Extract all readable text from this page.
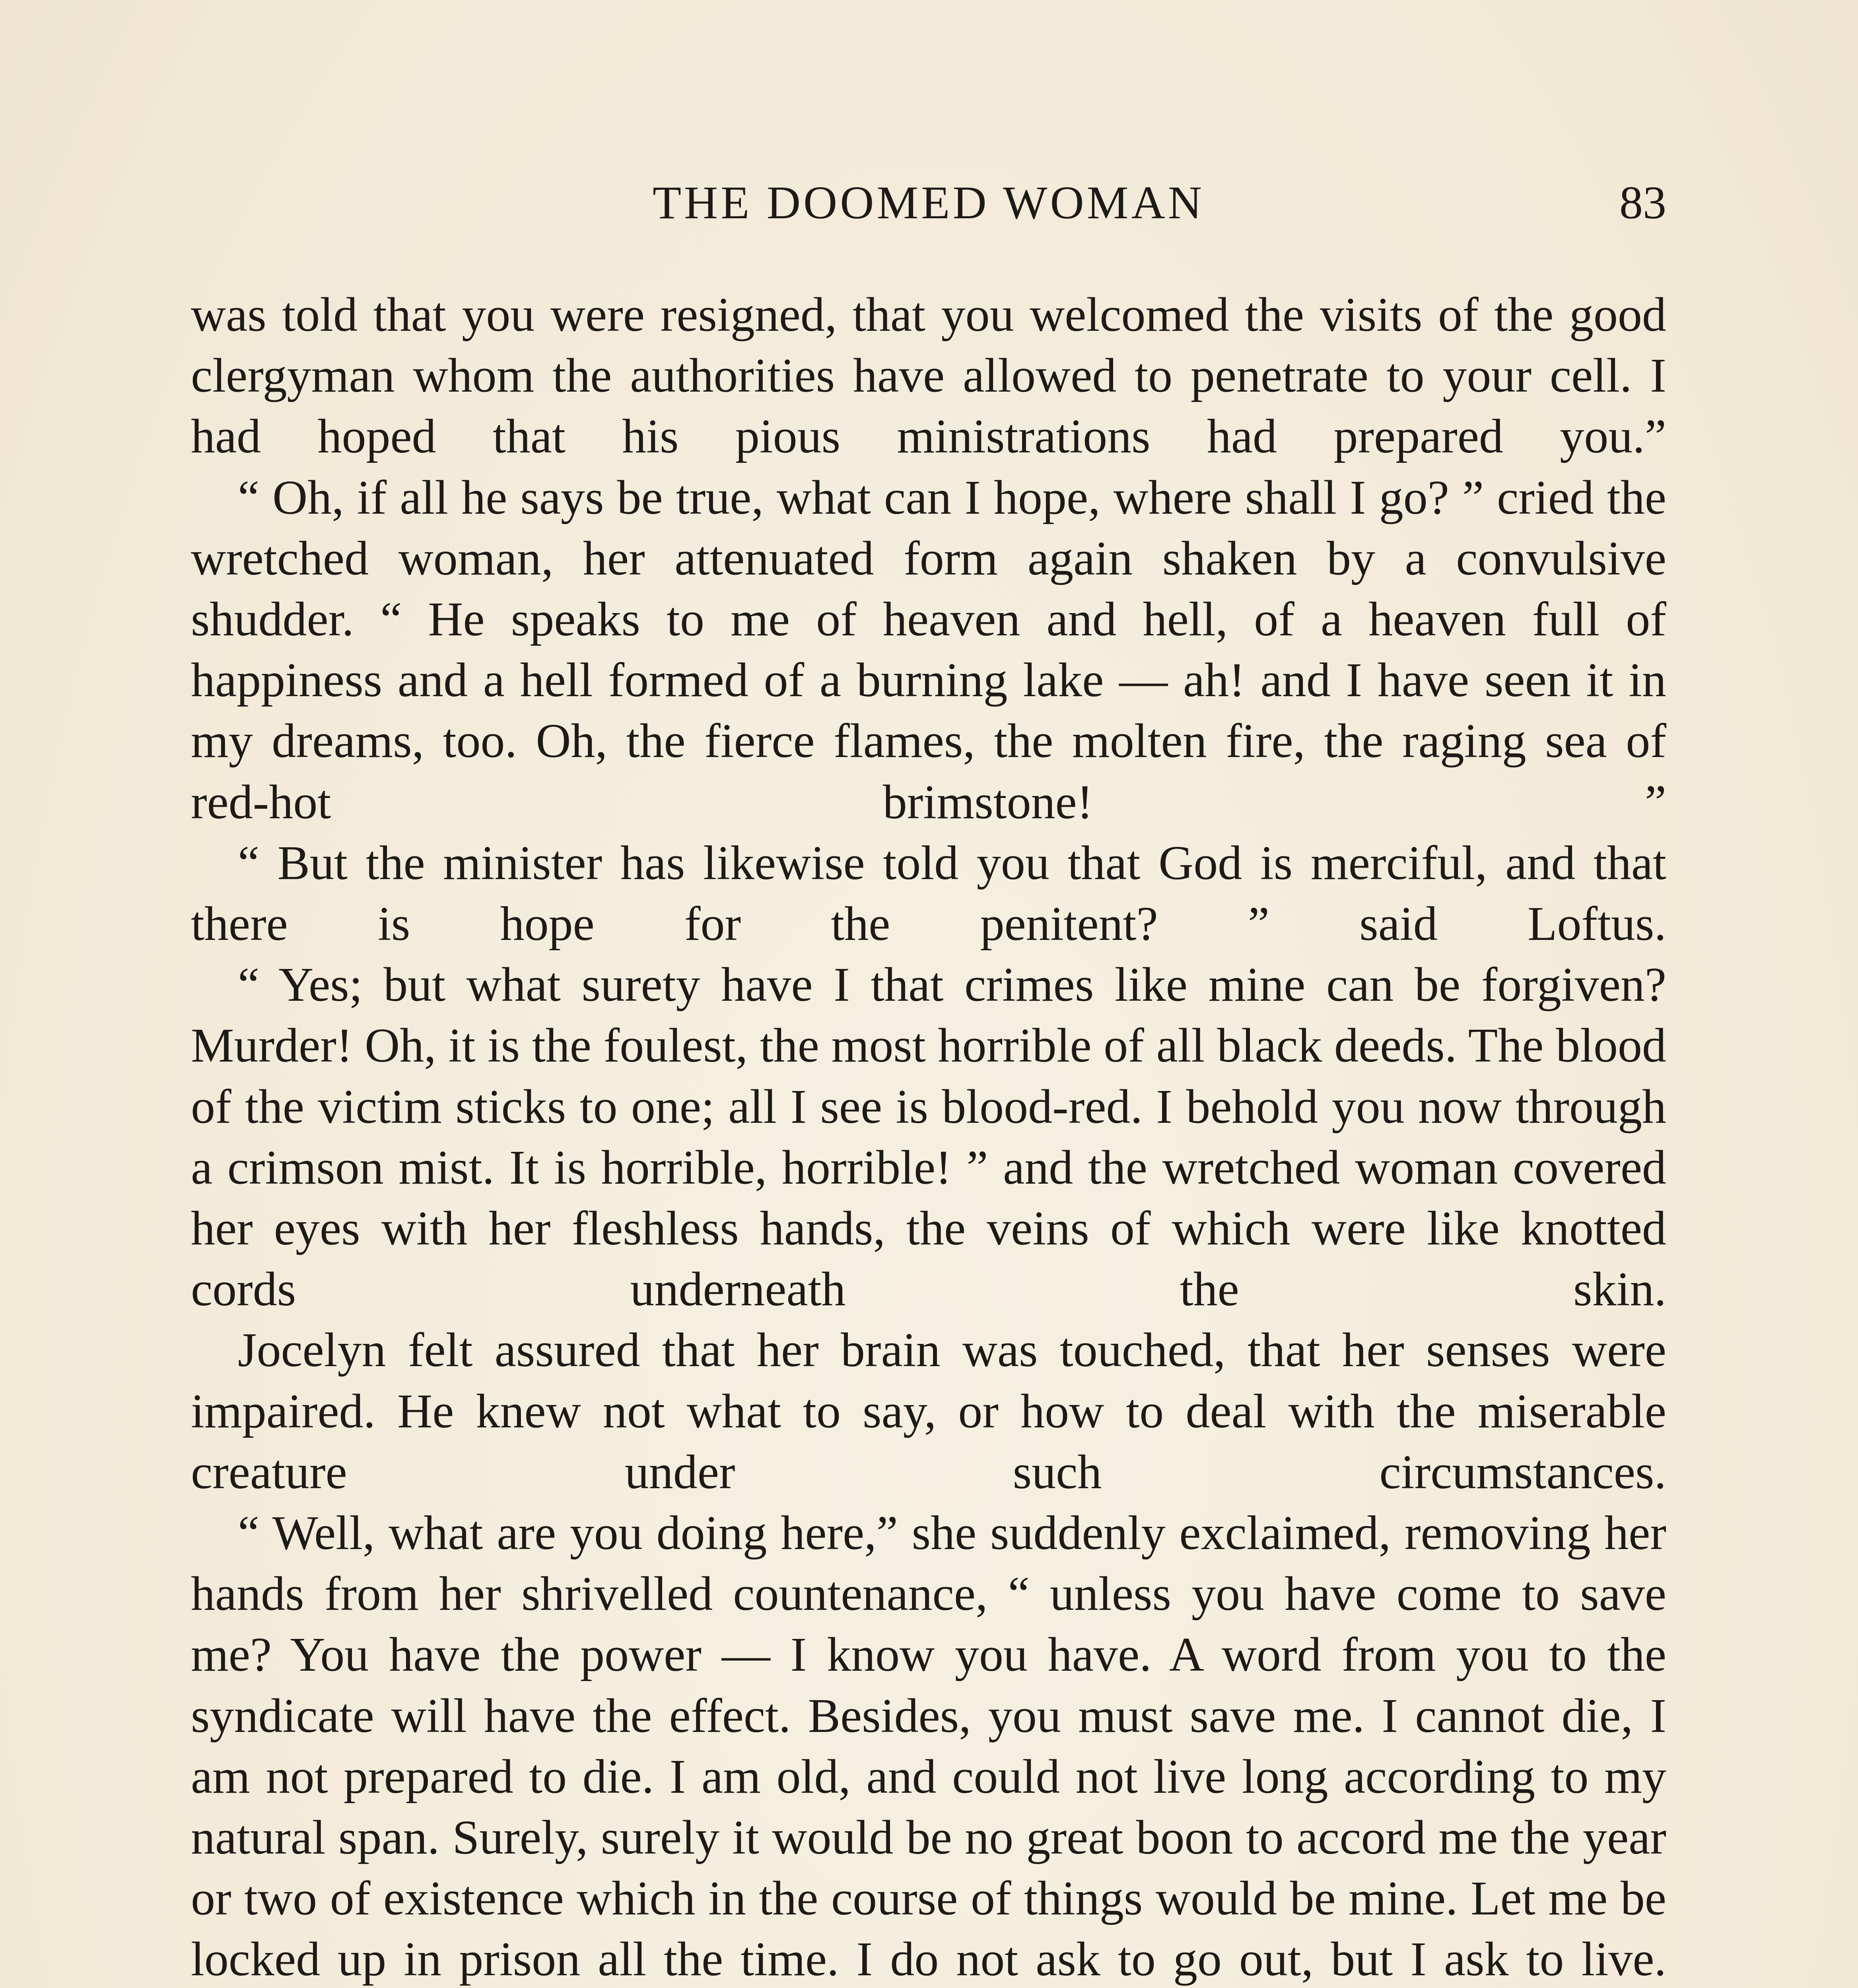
THE DOOMED WOMAN	83

was told that you were resigned, that you welcomed the visits of the good clergyman whom the authorities have allowed to penetrate to your cell. I had hoped that his pious ministrations had prepared you.”

“ Oh, if all he says be true, what can I hope, where shall I go? ” cried the wretched woman, her attenuated form again shaken by a convulsive shudder. “ He speaks to me of heaven and hell, of a heaven full of happiness and a hell formed of a burning lake — ah! and I have seen it in my dreams, too. Oh, the fierce flames, the molten fire, the raging sea of red-hot brimstone! ”

“ But the minister has likewise told you that God is merciful, and that there is hope for the penitent? ” said Loftus.

“ Yes; but what surety have I that crimes like mine can be forgiven? Murder! Oh, it is the foulest, the most horrible of all black deeds. The blood of the victim sticks to one; all I see is blood-red. I behold you now through a crimson mist. It is horrible, horrible! ” and the wretched woman covered her eyes with her fleshless hands, the veins of which were like knotted cords underneath the skin.

Jocelyn felt assured that her brain was touched, that her senses were impaired. He knew not what to say, or how to deal with the miserable creature under such circumstances.

“ Well, what are you doing here,” she suddenly exclaimed, removing her hands from her shrivelled countenance, “ unless you have come to save me? You have the power — I know you have. A word from you to the syndicate will have the effect. Besides, you must save me. I cannot die, I am not prepared to die. I am old, and could not live long according to my natural span. Surely, surely it would be no great boon to accord me the year or two of existence which in the course of things would be mine. Let me be locked up in prison all the time. I do not ask to go out, but I ask to live.
